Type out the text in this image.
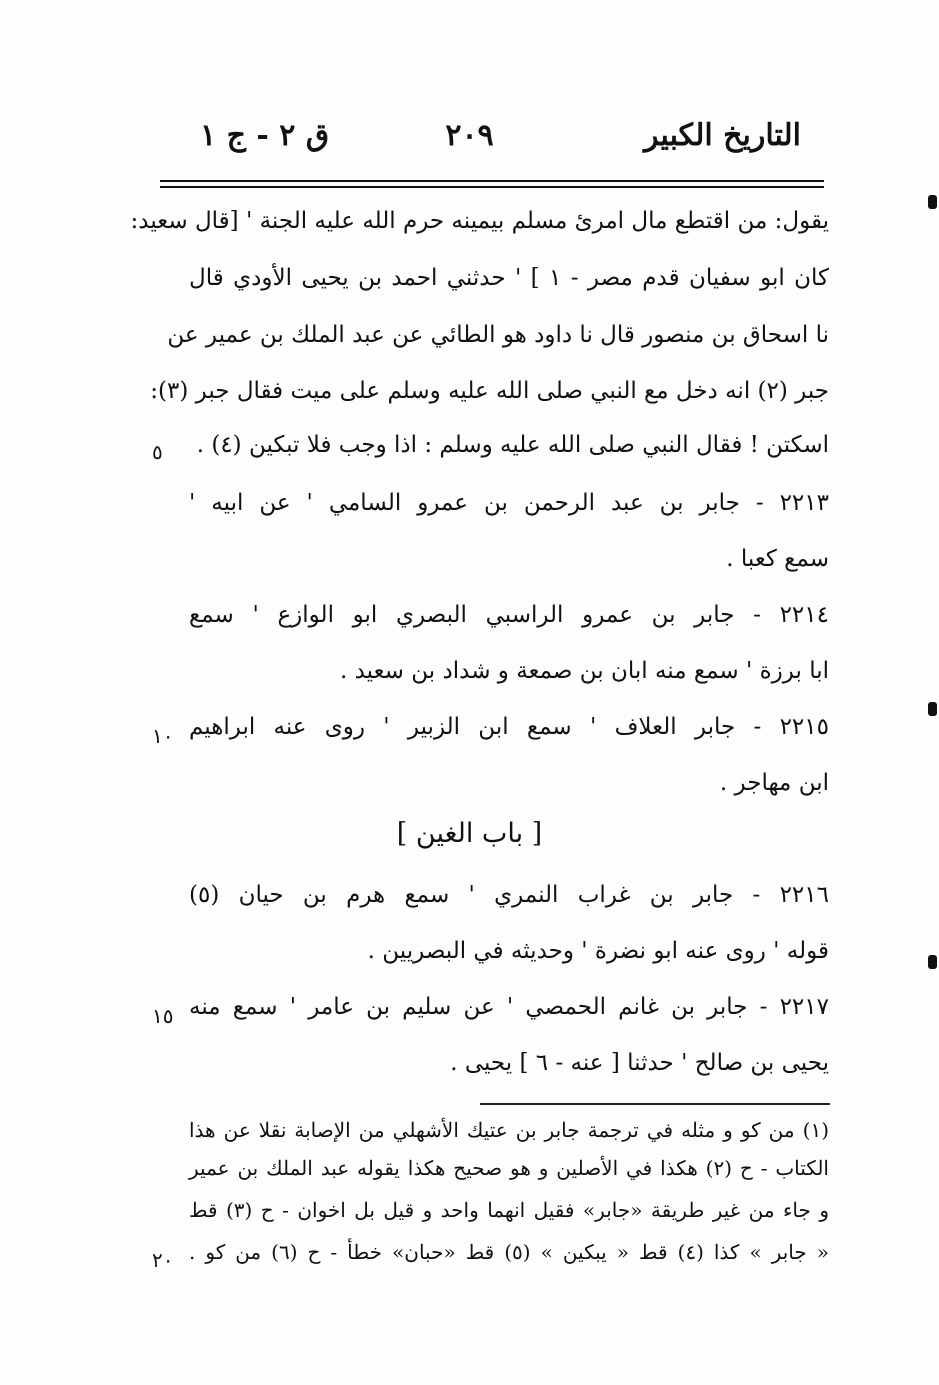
التاريخ الكبير
٢٠٩
ق ٢ - ج ١
يقول: من اقتطع مال امرئ مسلم بيمينه حرم الله عليه الجنة ' [قال سعيد:
كان ابو سفيان قدم مصر - ١ ] ' حدثني احمد بن يحيى الأودي قال
نا اسحاق بن منصور قال نا داود هو الطائي عن عبد الملك بن عمير عن
جبر (٢) انه دخل مع النبي صلى الله عليه وسلم على ميت فقال جبر (٣):
اسكتن ! فقال النبي صلى الله عليه وسلم : اذا وجب فلا تبكين (٤) .
٢٢١٣ - جابر بن عبد الرحمن بن عمرو السامي ' عن ابيه '
سمع كعبا .
٢٢١٤ - جابر بن عمرو الراسبي البصري ابو الوازع ' سمع
ابا برزة ' سمع منه ابان بن صمعة و شداد بن سعيد .
٢٢١٥ - جابر العلاف ' سمع ابن الزبير ' روى عنه ابراهيم
ابن مهاجر .
[ باب الغين ]
٢٢١٦ - جابر بن غراب النمري ' سمع هرم بن حيان (٥)
قوله ' روى عنه ابو نضرة ' وحديثه في البصريين .
٢٢١٧ - جابر بن غانم الحمصي ' عن سليم بن عامر ' سمع منه
يحيى بن صالح ' حدثنا [ عنه - ٦ ] يحيى .
(١) من كو و مثله في ترجمة جابر بن عتيك الأشهلي من الإصابة نقلا عن هذا
الكتاب - ح (٢) هكذا في الأصلين و هو صحيح هكذا يقوله عبد الملك بن عمير
و جاء من غير طريقة «جابر» فقيل انهما واحد و قيل بل اخوان - ح (٣) قط
« جابر » كذا (٤) قط « يبكين » (٥) قط «حبان» خطأ - ح (٦) من كو .
٥
١٠
١٥
٢٠
